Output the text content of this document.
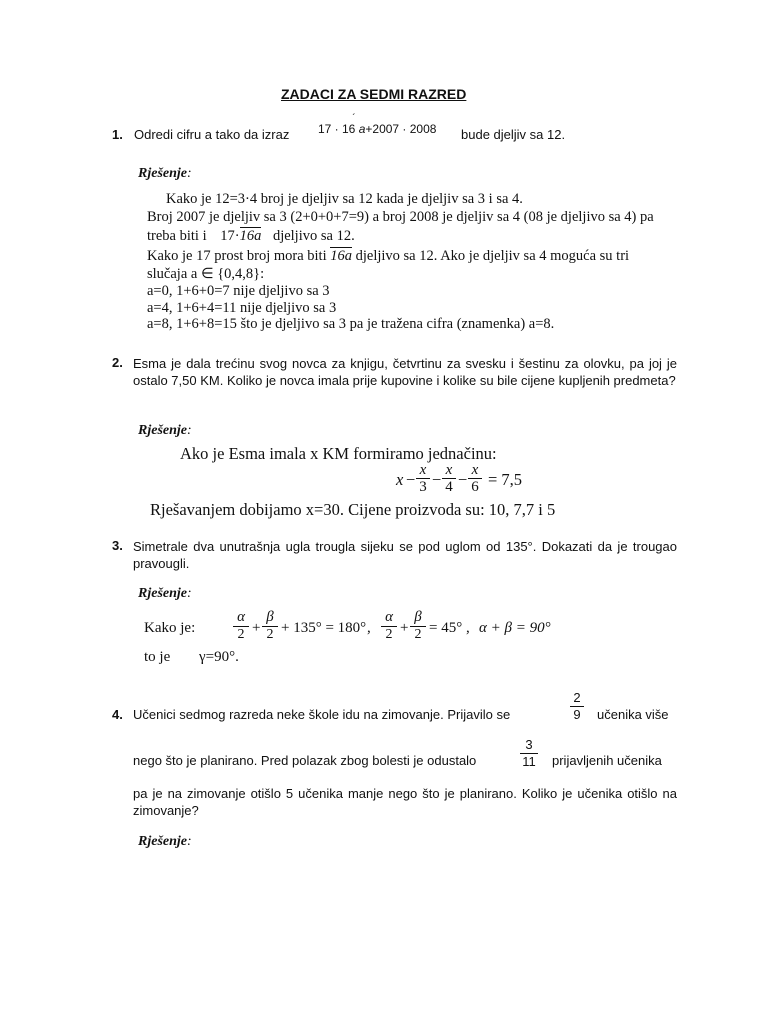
ZADACI ZA SEDMI RAZRED
1. Odredi cifru a tako da izraz 17 · 16
´
a+2007 · 2008 bude djeljiv sa 12.
Rješenje:
Kako je 12=3·4 broj je djeljiv sa 12 kada je djeljiv sa 3 i sa 4.
Broj 2007 je djeljiv sa 3 (2+0+0+7=9) a broj 2008 je djeljiv sa 4 (08 je djeljivo sa 4) pa
treba biti i 17·16a djeljivo sa 12.
Kako je 17 prost broj mora biti 16a djeljivo sa 12. Ako je djeljiv sa 4 moguća su tri
slučaja a ∈ {0,4,8}:
a=0, 1+6+0=7 nije djeljivo sa 3
a=4, 1+6+4=11 nije djeljivo sa 3
a=8, 1+6+8=15 što je djeljivo sa 3 pa je tražena cifra (znamenka) a=8.
2. Esma je dala trećinu svog novca za knjigu, četvrtinu za svesku i šestinu za olovku, pa joj je ostalo 7,50 KM. Koliko je novca imala prije kupovine i kolike su bile cijene kupljenih predmeta?
Rješenje:
Ako je Esma imala x KM formiramo jednačinu:
$x - \frac{x}{3} - \frac{x}{4} - \frac{x}{6} = 7,5$
Rješavanjem dobijamo x=30. Cijene proizvoda su: 10, 7,7 i 5
3. Simetrale dva unutrašnja ugla trougla sijeku se pod uglom od 135°. Dokazati da je trougao pravougli.
Rješenje:
Kako je:	$\frac{\alpha}{2} + \frac{\beta}{2} + 135^\circ = 180^\circ$ , $\frac{\alpha}{2} + \frac{\beta}{2} = 45^\circ$ , α + β = 90°
to je γ=90°.
4. Učenici sedmog razreda neke škole idu na zimovanje. Prijavilo se	$\frac{2}{9}$ učenika više
nego što je planirano. Pred polazak zbog bolesti je odustalo	$\frac{3}{11}$ prijavljenih učenika
pa je na zimovanje otišlo 5 učenika manje nego što je planirano. Koliko je učenika otišlo na zimovanje?
Rješenje:
